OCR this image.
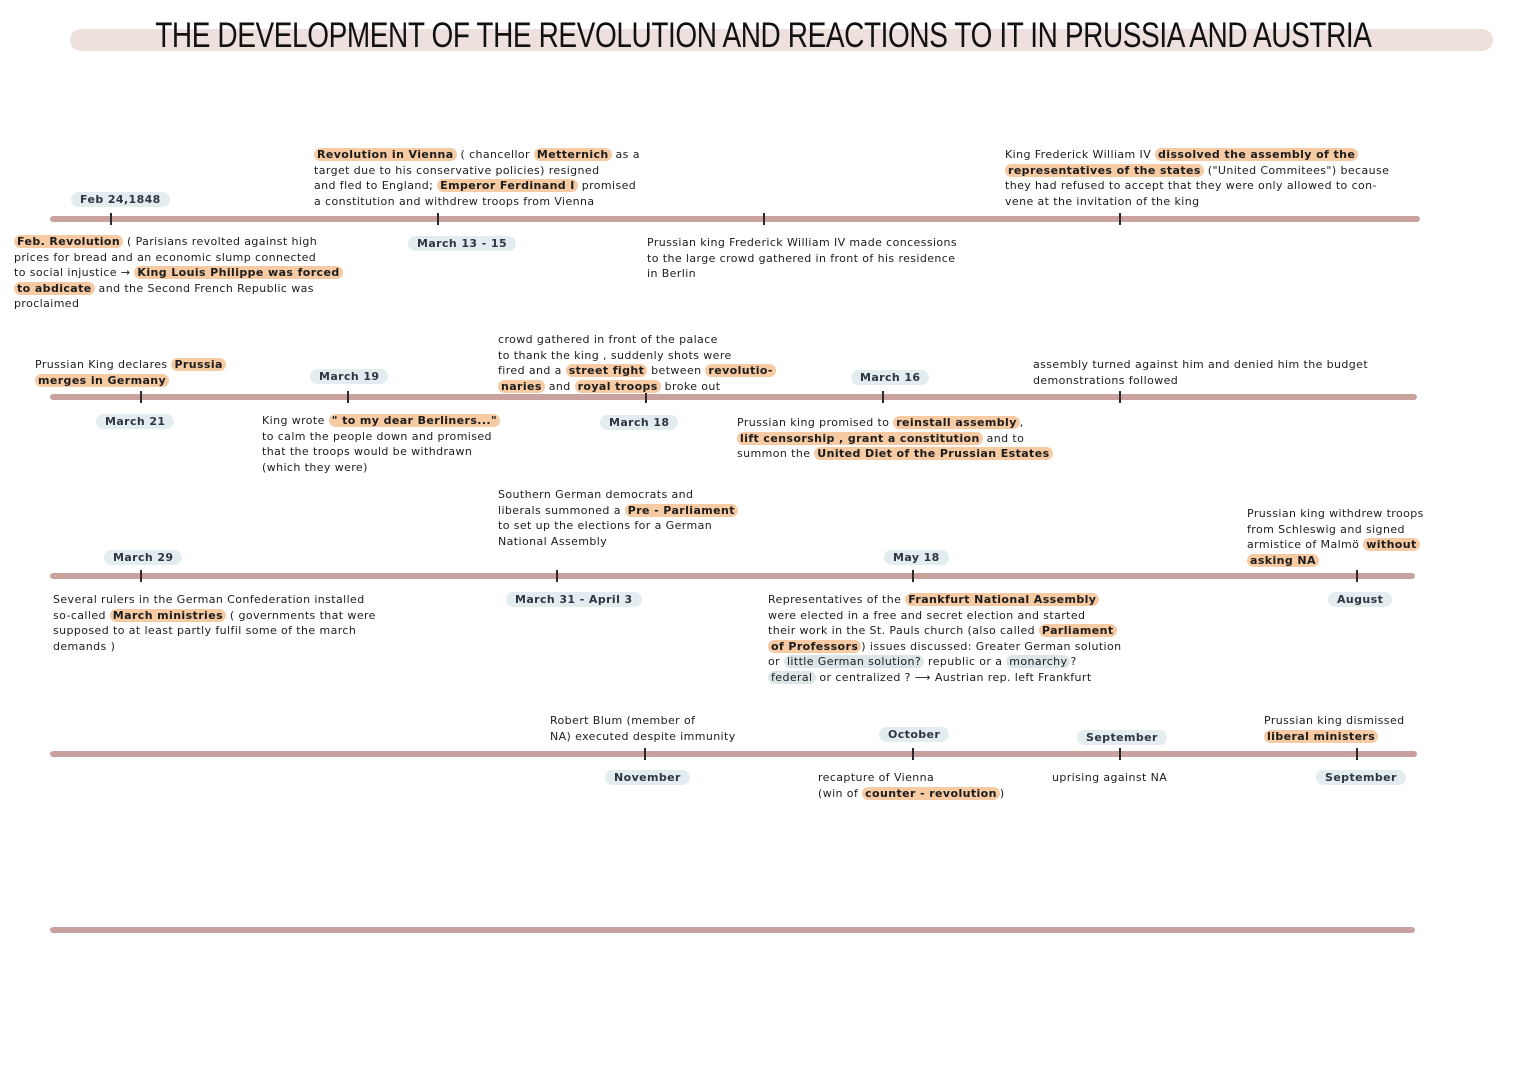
THE DEVELOPMENT OF THE REVOLUTION AND REACTIONS TO IT IN PRUSSIA AND AUSTRIA
Feb 24,1848
March 13 - 15
Feb. Revolution ( Parisians revolted against high
prices for bread and an economic slump connected
to social injustice → King Louis Philippe was forced
to abdicate and the Second French Republic was
proclaimed
Revolution in Vienna ( chancellor Metternich as a
target due to his conservative policies) resigned
and fled to England; Emperor Ferdinand I promised
a constitution and withdrew troops from Vienna
Prussian king Frederick William IV made concessions
to the large crowd gathered in front of his residence
in Berlin
King Frederick William IV dissolved the assembly of the
representatives of the states ("United Commitees") because
they had refused to accept that they were only allowed to con-
vene at the invitation of the king
March 21
March 19
March 18
March 16
Prussian King declares Prussia
merges in Germany
King wrote " to my dear Berliners..."
to calm the people down and promised
that the troops would be withdrawn
(which they were)
crowd gathered in front of the palace
to thank the king , suddenly shots were
fired and a street fight between revolutio-
naries and royal troops broke out
Prussian king promised to reinstall assembly ,
lift censorship , grant a constitution and to
summon the United Diet of the Prussian Estates
assembly turned against him and denied him the budget
demonstrations followed
March 29
March 31 - April 3
May 18
August
Several rulers in the German Confederation installed
so-called March ministries ( governments that were
supposed to at least partly fulfil some of the march
demands )
Southern German democrats and
liberals summoned a Pre - Parliament
to set up the elections for a German
National Assembly
Representatives of the Frankfurt National Assembly
were elected in a free and secret election and started
their work in the St. Pauls church (also called Parliament
of Professors ) issues discussed: Greater German solution
or little German solution? republic or a monarchy ?
federal or centralized ? ⟶ Austrian rep. left Frankfurt
Prussian king withdrew troops
from Schleswig and signed
armistice of Malmö without
asking NA
November
October	September
September
Robert Blum (member of
NA) executed despite immunity
recapture of Vienna
(win of counter - revolution )
uprising against NA
Prussian king dismissed
liberal ministers
